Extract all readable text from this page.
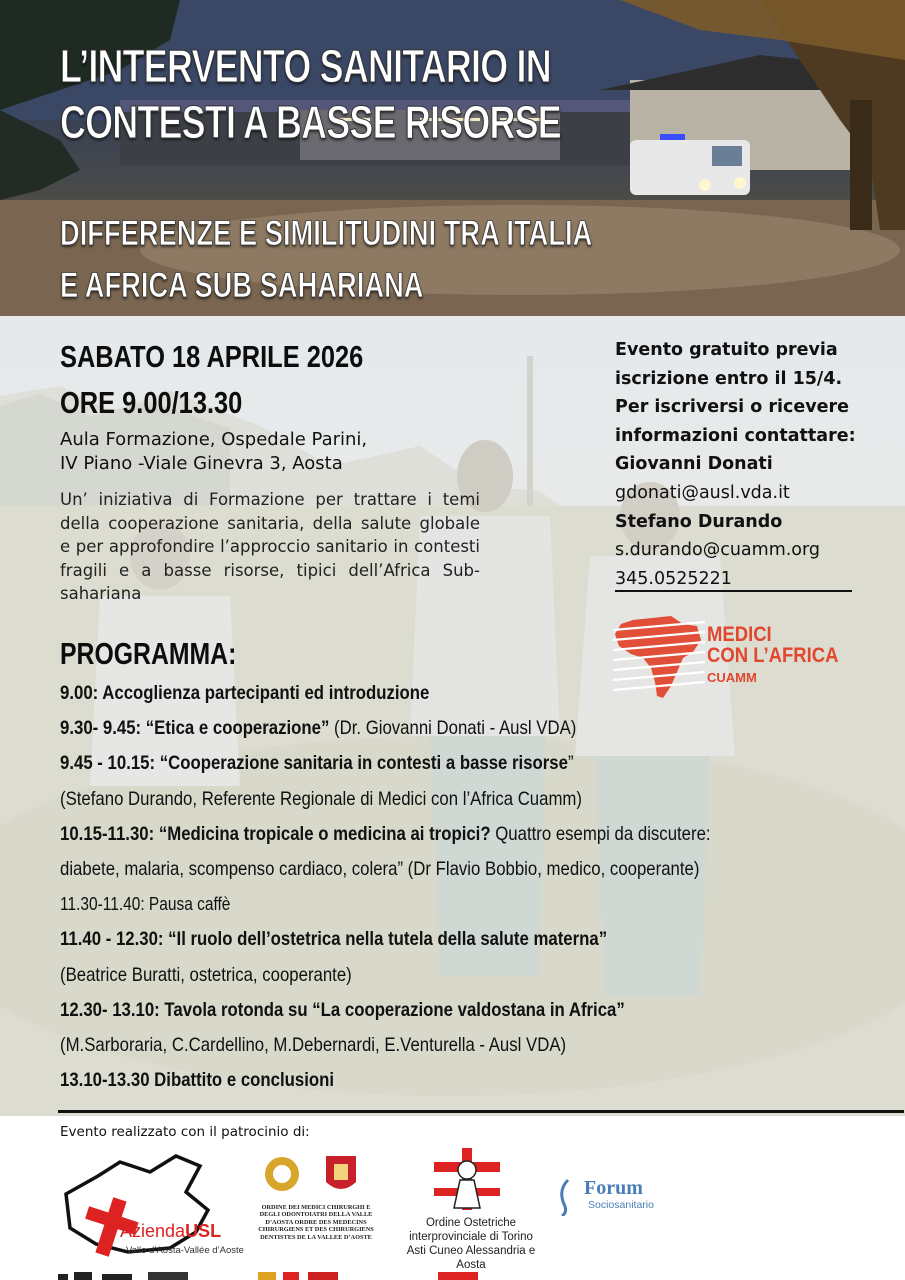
L’INTERVENTO SANITARIO IN
CONTESTI A BASSE RISORSE
DIFFERENZE E SIMILITUDINI TRA ITALIA
E AFRICA SUB SAHARIANA
SABATO 18 APRILE 2026
ORE 9.00/13.30
Aula Formazione, Ospedale Parini,
IV Piano -Viale Ginevra 3, Aosta
Un’ iniziativa di Formazione per trattare i temi della cooperazione sanitaria, della salute globale e per approfondire l’approccio sanitario in contesti fragili e a basse risorse, tipici dell’Africa Sub-sahariana
Evento gratuito previa
iscrizione entro il 15/4.
Per iscriversi o ricevere
informazioni contattare:
Giovanni Donati
gdonati@ausl.vda.it
Stefano Durando
s.durando@cuamm.org
345.0525221
MEDICI
CON L’AFRICA
CUAMM
PROGRAMMA:
9.00: Accoglienza partecipanti ed introduzione
9.30- 9.45: “Etica e cooperazione” (Dr. Giovanni Donati - Ausl VDA)
9.45 - 10.15: “Cooperazione sanitaria in contesti a basse risorse”
(Stefano Durando, Referente Regionale di Medici con l’Africa Cuamm)
10.15-11.30: “Medicina tropicale o medicina ai tropici? Quattro esempi da discutere:
diabete, malaria, scompenso cardiaco, colera” (Dr Flavio Bobbio, medico, cooperante)
11.30-11.40: Pausa caffè
11.40 - 12.30: “Il ruolo dell’ostetrica nella tutela della salute materna”
(Beatrice Buratti, ostetrica, cooperante)
12.30- 13.10: Tavola rotonda su “La cooperazione valdostana in Africa”
(M.Sarboraria, C.Cardellino, M.Debernardi, E.Venturella - Ausl VDA)
13.10-13.30 Dibattito e conclusioni
Evento realizzato con il patrocinio di:
AziendaUSL
Valle d’Aosta-Vallée d’Aoste
ORDINE DEI MEDICI CHIRURGHI E DEGLI ODONTOIATRI DELLA VALLE D’AOSTA ORDRE DES MEDECINS CHIRURGIENS ET DES CHIRURGIENS DENTISTES DE LA VALLEE D’AOSTE
Ordine Ostetriche
interprovinciale di Torino
Asti Cuneo Alessandria e Aosta
Forum
Sociosanitario
